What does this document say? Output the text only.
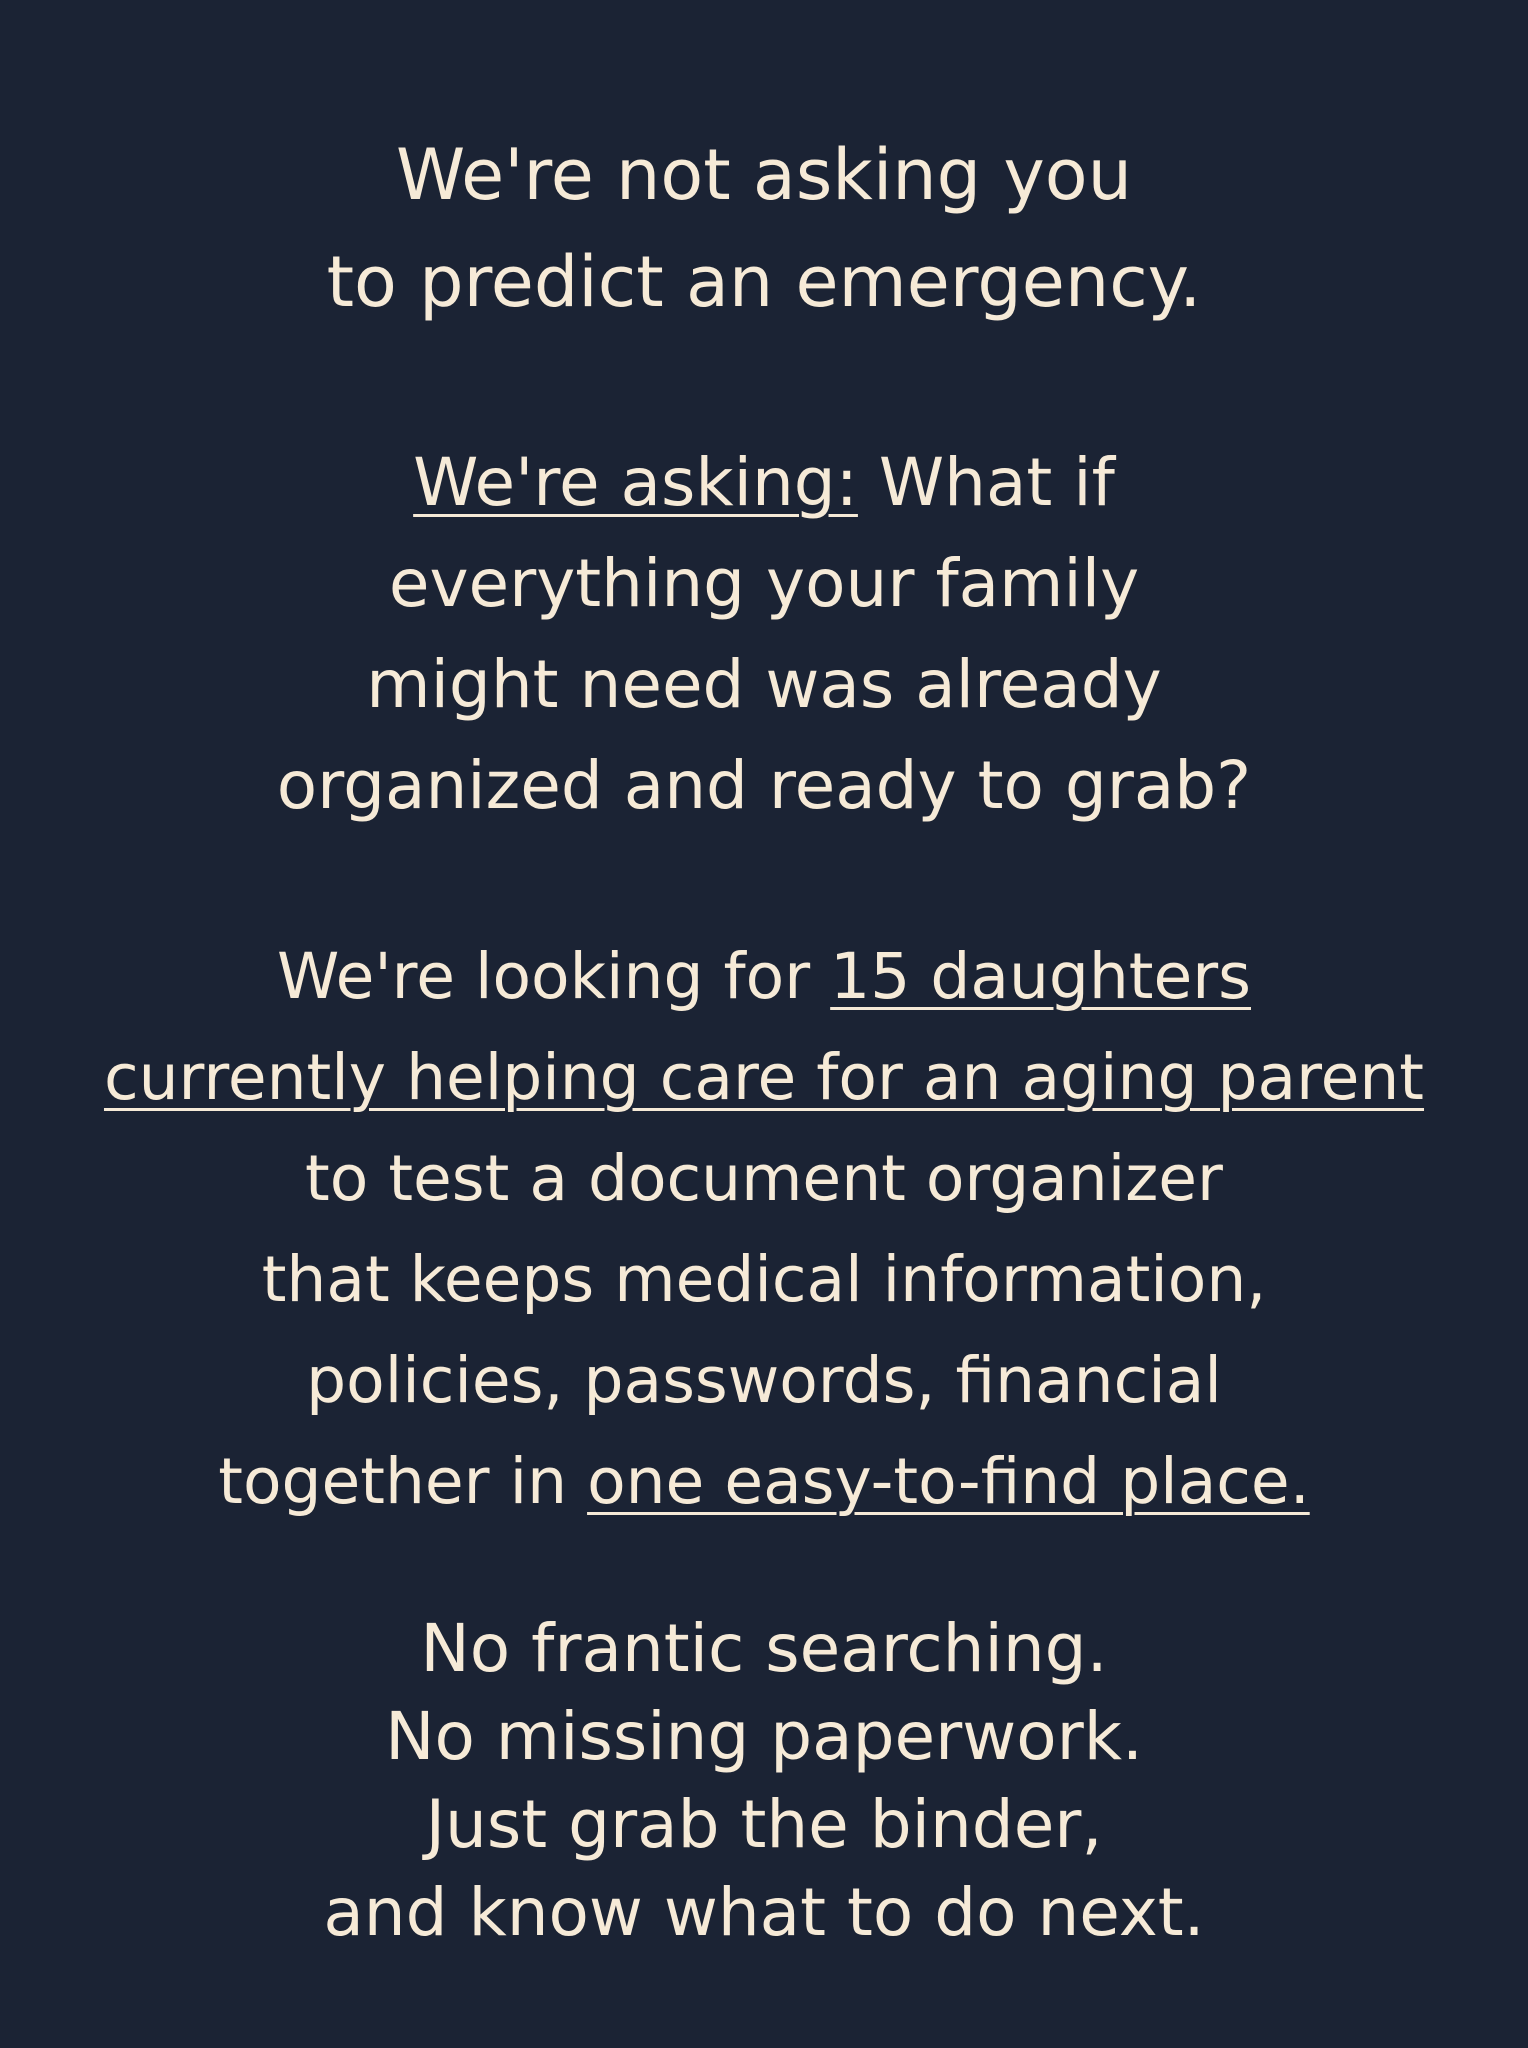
We're not asking you
to predict an emergency.
We're asking: What if
everything your family
might need was already
organized and ready to grab?
We're looking for 15 daughters
currently helping care for an aging parent
to test a document organizer
that keeps medical information,
policies, passwords, financial
together in one easy-to-find place.
No frantic searching.
No missing paperwork.
Just grab the binder,
and know what to do next.
